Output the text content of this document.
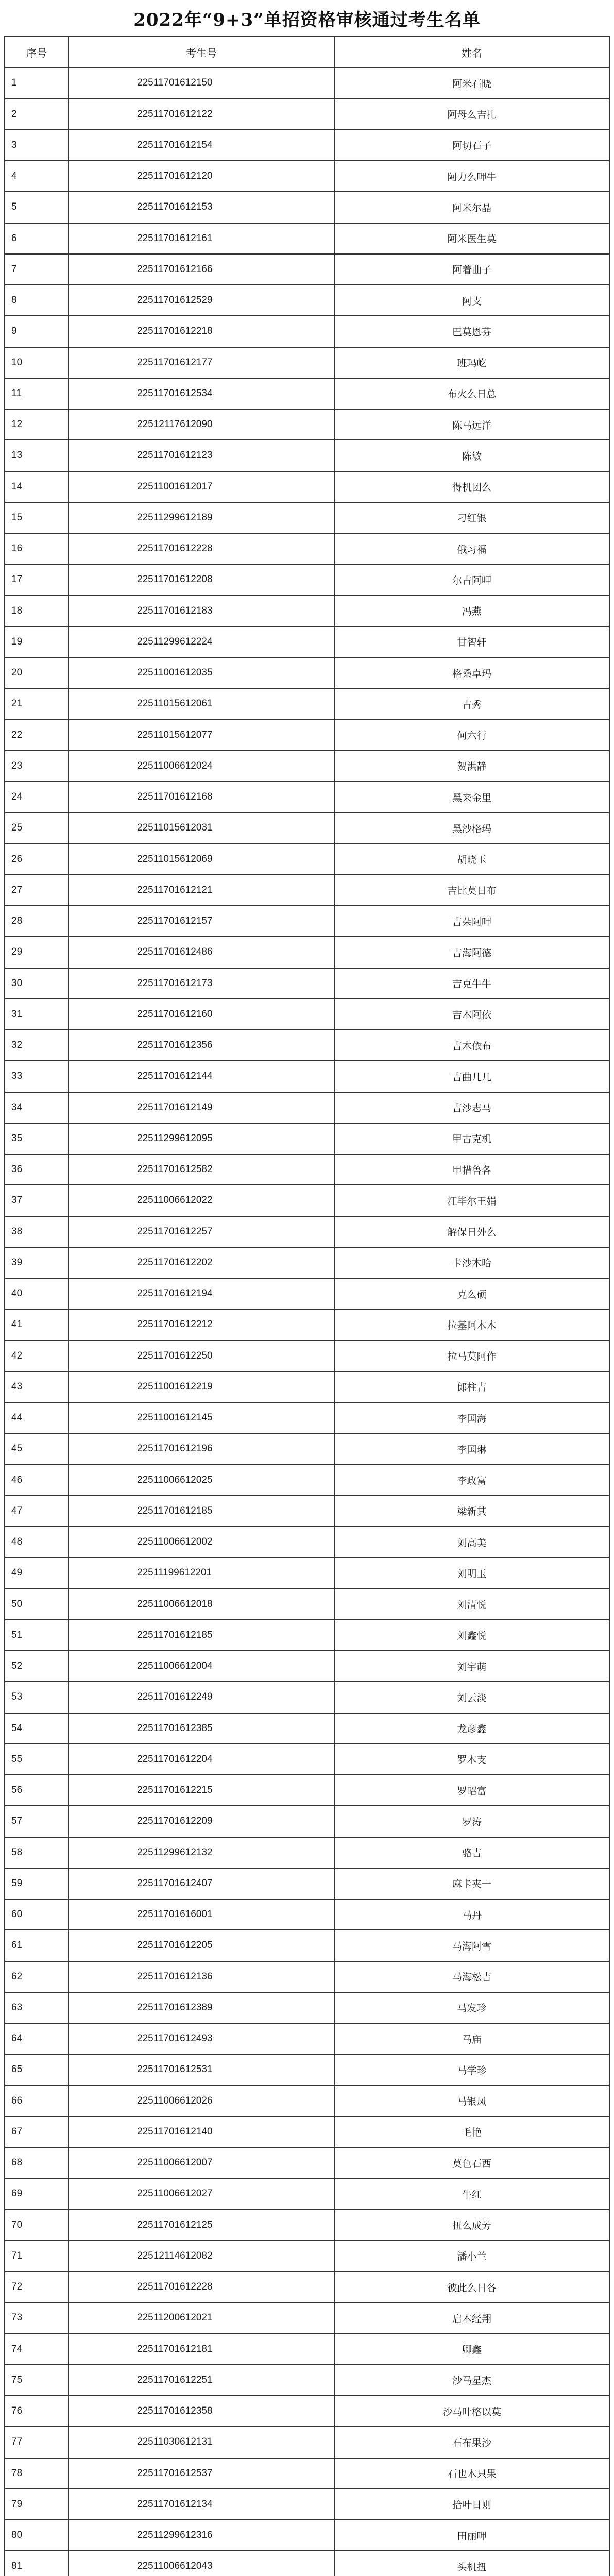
2022年“9+3”单招资格审核通过考生名单
序号	考生号	姓名
1	22511701612150	阿米石晓
2	22511701612122	阿母么吉扎
3	22511701612154	阿切石子
4	22511701612120	阿力么呷牛
5	22511701612153	阿米尔晶
6	22511701612161	阿米医生莫
7	22511701612166	阿着曲子
8	22511701612529	阿支
9	22511701612218	巴莫恩芬
10	22511701612177	班玛屹
11	22511701612534	布火么日总
12	22512117612090	陈马远洋
13	22511701612123	陈敏
14	22511001612017	得机团么
15	22511299612189	刁红银
16	22511701612228	俄习福
17	22511701612208	尔古阿呷
18	22511701612183	冯燕
19	22511299612224	甘智轩
20	22511001612035	格桑卓玛
21	22511015612061	古秀
22	22511015612077	何六行
23	22511006612024	贺洪静
24	22511701612168	黑来金里
25	22511015612031	黑沙格玛
26	22511015612069	胡晓玉
27	22511701612121	吉比莫日布
28	22511701612157	吉朵阿呷
29	22511701612486	吉海阿德
30	22511701612173	吉克牛牛
31	22511701612160	吉木阿依
32	22511701612356	吉木依布
33	22511701612144	吉曲几几
34	22511701612149	吉沙志马
35	22511299612095	甲古克机
36	22511701612582	甲措鲁各
37	22511006612022	江毕尔王娟
38	22511701612257	解保日外么
39	22511701612202	卡沙木哈
40	22511701612194	克么硕
41	22511701612212	拉基阿木木
42	22511701612250	拉马莫阿作
43	22511001612219	郎柱吉
44	22511001612145	李国海
45	22511701612196	李国琳
46	22511006612025	李政富
47	22511701612185	梁新其
48	22511006612002	刘高美
49	22511199612201	刘明玉
50	22511006612018	刘清悦
51	22511701612185	刘鑫悦
52	22511006612004	刘宇萌
53	22511701612249	刘云淡
54	22511701612385	龙彦鑫
55	22511701612204	罗木支
56	22511701612215	罗昭富
57	22511701612209	罗涛
58	22511299612132	骆吉
59	22511701612407	麻卡夹一
60	22511701616001	马丹
61	22511701612205	马海阿雪
62	22511701612136	马海松吉
63	22511701612389	马发珍
64	22511701612493	马庙
65	22511701612531	马学珍
66	22511006612026	马银凤
67	22511701612140	毛艳
68	22511006612007	莫色石西
69	22511006612027	牛红
70	22511701612125	扭么成芳
71	22512114612082	潘小兰
72	22511701612228	彼此么日各
73	22511200612021	启木经翔
74	22511701612181	卿鑫
75	22511701612251	沙马星杰
76	22511701612358	沙马叶格以莫
77	22511030612131	石布果沙
78	22511701612537	石也木只果
79	22511701612134	拾叶日则
80	22511299612316	田丽呷
81	22511006612043	头机扭
